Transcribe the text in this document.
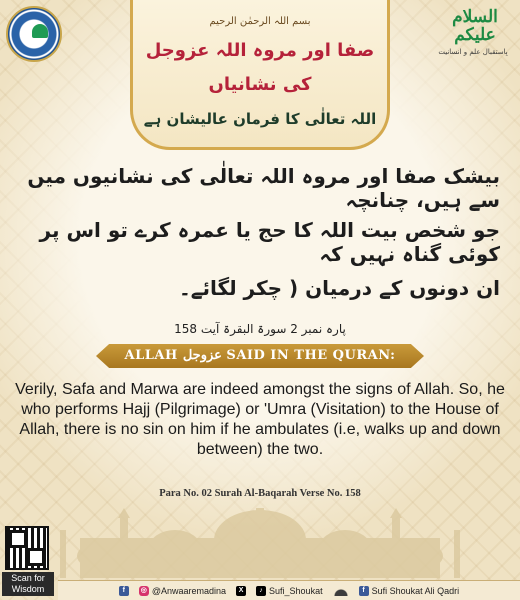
السلام علیکم
بِاستقبال علم و انسانیت
بسم اللہ الرحمٰن الرحیم
صفا اور مروہ اللہ عزوجل
کی نشانیاں
اللہ تعالٰی کا فرمان عالیشان ہے
بیشک صفا اور مروہ اللہ تعالٰی کی نشانیوں میں سے ہیں، چنانچہ
جو شخص بیت اللہ کا حج یا عمرہ کرے تو اس پر کوئی گناہ نہیں کہ
ان دونوں کے درمیان ( چکر لگائے۔
پارہ نمبر 2 سورۃ البقرۃ آیت 158
ALLAH عزوجل SAID IN THE QURAN:
Verily, Safa and Marwa are indeed amongst the signs of Allah. So, he who performs Hajj (Pilgrimage) or 'Umra (Visitation) to the House of Allah, there is no sin on him if he ambulates (i.e, walks up and down between) the two.
Para No. 02 Surah Al-Baqarah Verse No. 158
Scan for Wisdom	f	◎ @Anwaaremadina	X	♪ Sufi_Shoukat	f Sufi Shoukat Ali Qadri
